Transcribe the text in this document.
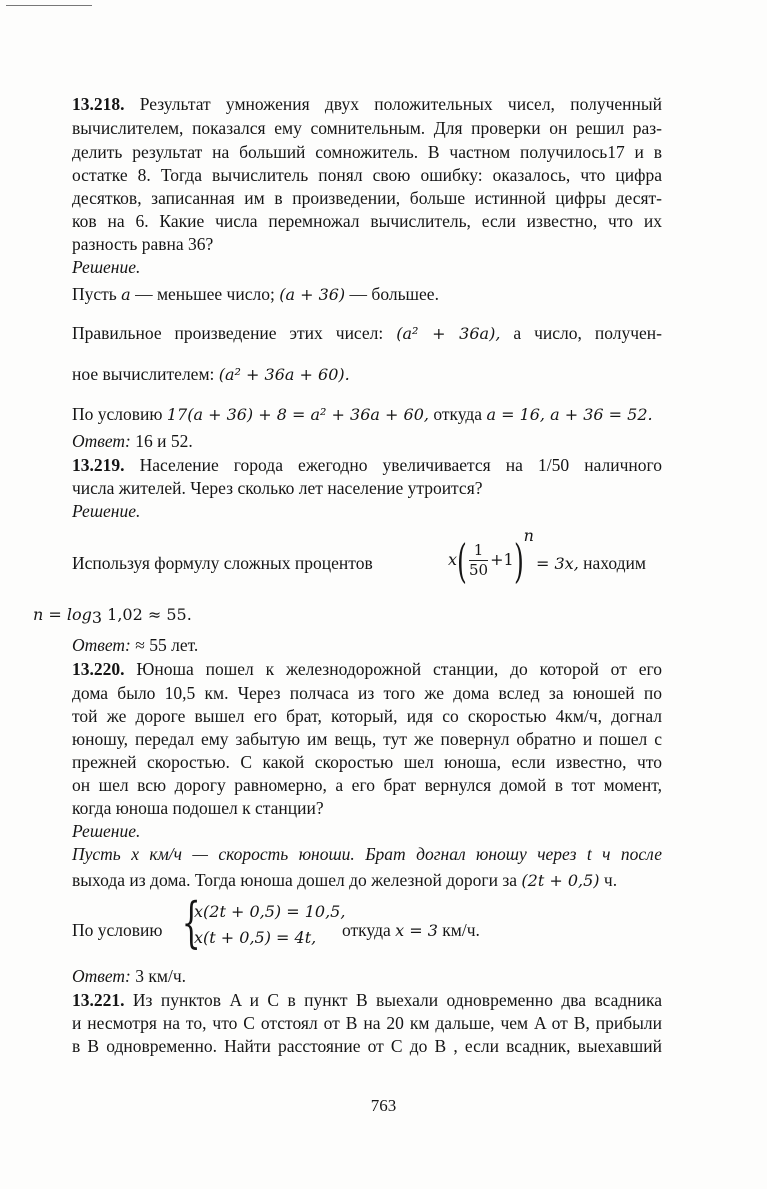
13.218. Результат умножения двух положительных чисел, полученный
вычислителем, показался ему сомнительным. Для проверки он решил раз-
делить результат на больший сомножитель. В частном получилось17 и в
остатке 8. Тогда вычислитель понял свою ошибку: оказалось, что цифра
десятков, записанная им в произведении, больше истинной цифры десят-
ков на 6. Какие числа перемножал вычислитель, если известно, что их
разность равна 36?
Решение.
Пусть a — меньшее число; (a + 36) — большее.
Правильное произведение этих чисел: (a² + 36a), а число, получен-
ное вычислителем: (a² + 36a + 60).
По условию 17(a + 36) + 8 = a² + 36a + 60, откуда a = 16, a + 36 = 52.
Ответ: 16 и 52.
13.219. Население города ежегодно увеличивается на 1/50 наличного
числа жителей. Через сколько лет население утроится?
Решение.
Используя формулу сложных процентов	$x( \frac{1}{50} +1)^n$
= 3x, находим
$n = \log_3 1,02 \approx 55$.
Ответ: ≈ 55 лет.
13.220. Юноша пошел к железнодорожной станции, до которой от его
дома было 10,5 км. Через полчаса из того же дома вслед за юношей по
той же дороге вышел его брат, который, идя со скоростью 4км/ч, догнал
юношу, передал ему забытую им вещь, тут же повернул обратно и пошел с
прежней скоростью. С какой скоростью шел юноша, если известно, что
он шел всю дорогу равномерно, а его брат вернулся домой в тот момент,
когда юноша подошел к станции?
Решение.
Пусть x км/ч — скорость юноши. Брат догнал юношу через t ч после
выхода из дома. Тогда юноша дошел до железной дороги за (2t + 0,5) ч.
По условию {
x(2t + 0,5) = 10,5,
x(t + 0,5) = 4t, откуда x = 3 км/ч.
Ответ: 3 км/ч.
13.221. Из пунктов A и C в пункт B выехали одновременно два всадника
и несмотря на то, что C отстоял от B на 20 км дальше, чем A от B, прибыли
в B одновременно. Найти расстояние от C до B , если всадник, выехавший
763
